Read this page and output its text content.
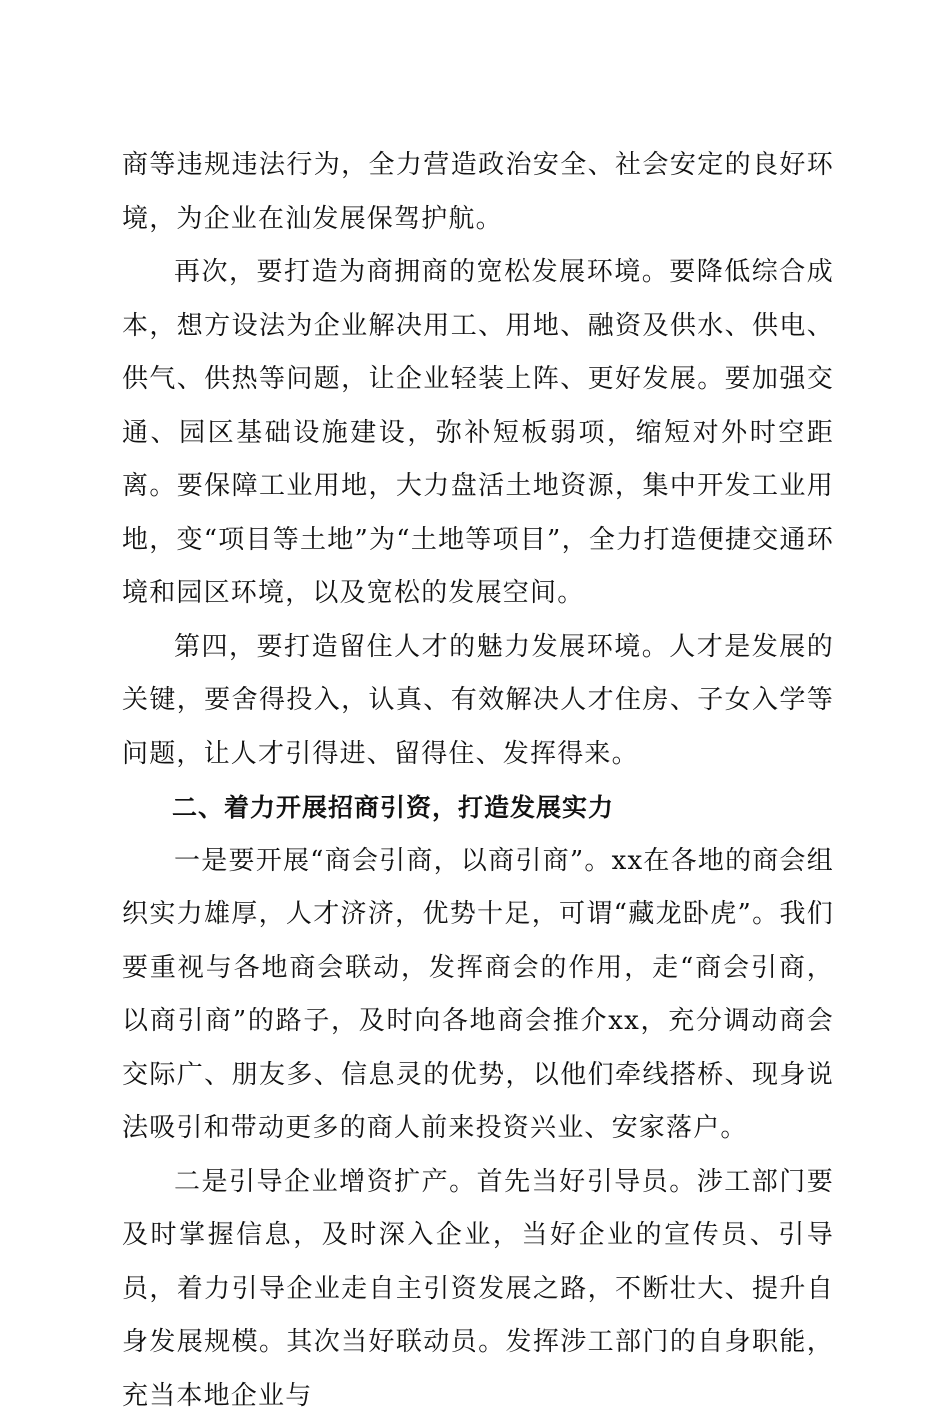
商等违规违法行为，全力营造政治安全、社会安定的良好环境，为企业在汕发展保驾护航。

再次，要打造为商拥商的宽松发展环境。要降低综合成本，想方设法为企业解决用工、用地、融资及供水、供电、供气、供热等问题，让企业轻装上阵、更好发展。要加强交通、园区基础设施建设，弥补短板弱项，缩短对外时空距离。要保障工业用地，大力盘活土地资源，集中开发工业用地，变“项目等土地”为“土地等项目”，全力打造便捷交通环境和园区环境，以及宽松的发展空间。

第四，要打造留住人才的魅力发展环境。人才是发展的关键，要舍得投入，认真、有效解决人才住房、子女入学等问题，让人才引得进、留得住、发挥得来。

二、着力开展招商引资，打造发展实力

一是要开展“商会引商，以商引商”。xx在各地的商会组织实力雄厚，人才济济，优势十足，可谓“藏龙卧虎”。我们要重视与各地商会联动，发挥商会的作用，走“商会引商，以商引商”的路子，及时向各地商会推介xx，充分调动商会交际广、朋友多、信息灵的优势，以他们牵线搭桥、现身说法吸引和带动更多的商人前来投资兴业、安家落户。

二是引导企业增资扩产。首先当好引导员。涉工部门要及时掌握信息，及时深入企业，当好企业的宣传员、引导员，着力引导企业走自主引资发展之路，不断壮大、提升自身发展规模。其次当好联动员。发挥涉工部门的自身职能，充当本地企业与
